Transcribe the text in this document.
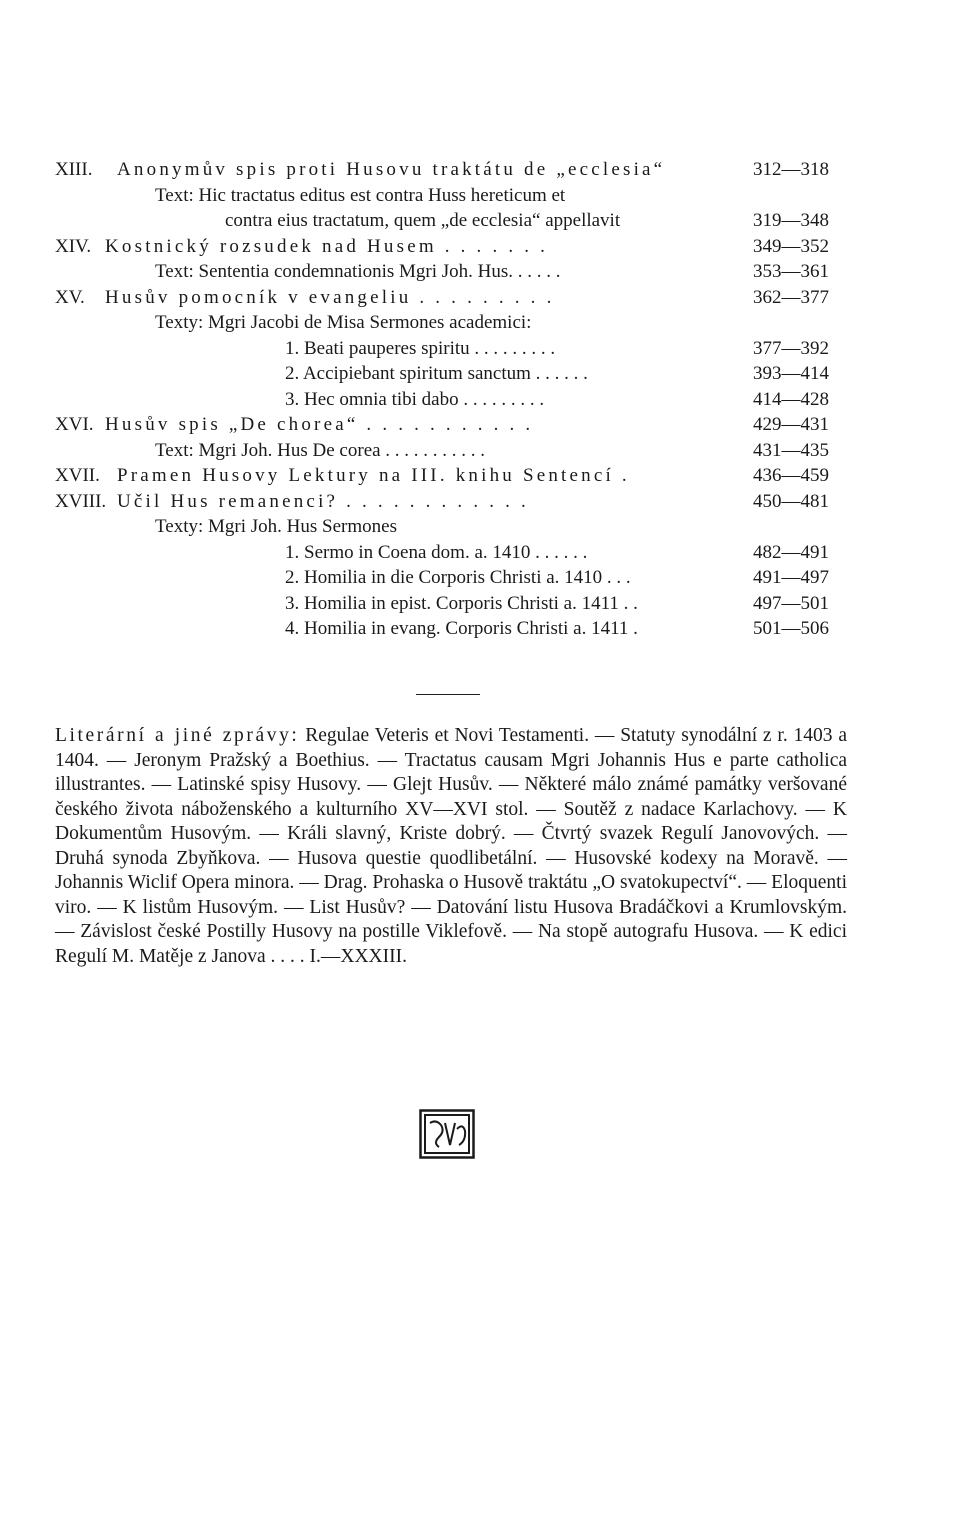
XIII. Anonymův spis proti Husovu traktátu de „ecclesia“	312—318
Text: Hic tractatus editus est contra Huss hereticum et
contra eius tractatum, quem „de ecclesia“ appellavit	319—348
XIV. Kostnický rozsudek nad Husem . . . . . . .	349—352
Text: Sententia condemnationis Mgri Joh. Hus. . . . . .	353—361
XV. Husův pomocník v evangeliu . . . . . . . . .	362—377
Texty: Mgri Jacobi de Misa Sermones academici:
1. Beati pauperes spiritu . . . . . . . . .	377—392
2. Accipiebant spiritum sanctum . . . . . .	393—414
3. Hec omnia tibi dabo . . . . . . . . .	414—428
XVI. Husův spis „De chorea“ . . . . . . . . . . .	429—431
Text: Mgri Joh. Hus De corea . . . . . . . . . . .	431—435
XVII. Pramen Husovy Lektury na III. knihu Sentencí .	436—459
XVIII. Učil Hus remanenci? . . . . . . . . . . . .	450—481
Texty: Mgri Joh. Hus Sermones
1. Sermo in Coena dom. a. 1410 . . . . . .	482—491
2. Homilia in die Corporis Christi a. 1410 . . .	491—497
3. Homilia in epist. Corporis Christi a. 1411 . .	497—501
4. Homilia in evang. Corporis Christi a. 1411 .	501—506
Literární a jiné zprávy: Regulae Veteris et Novi Testamenti. — Statuty synodální z r. 1403 a 1404. — Jeronym Pražský a Boethius. — Tractatus causam Mgri Johannis Hus e parte catholica illustrantes. — Latinské spisy Husovy. — Glejt Husův. — Některé málo známé památky veršované českého života náboženského a kulturního XV—XVI stol. — Soutěž z nadace Karlachovy. — K Dokumentům Husovým. — Králi slavný, Kriste dobrý. — Čtvrtý svazek Regulí Janovových. — Druhá synoda Zbyňkova. — Husova questie quodlibetální. — Husovské kodexy na Moravě. — Johannis Wiclif Opera minora. — Drag. Prohaska o Husově traktátu „O svatokupectví“. — Eloquenti viro. — K listům Husovým. — List Husův? — Datování listu Husova Bradáčkovi a Krumlovským. — Závislost české Postilly Husovy na postille Viklefově. — Na stopě autografu Husova. — K edici Regulí M. Matěje z Janova . . . . I.—XXXIII.
